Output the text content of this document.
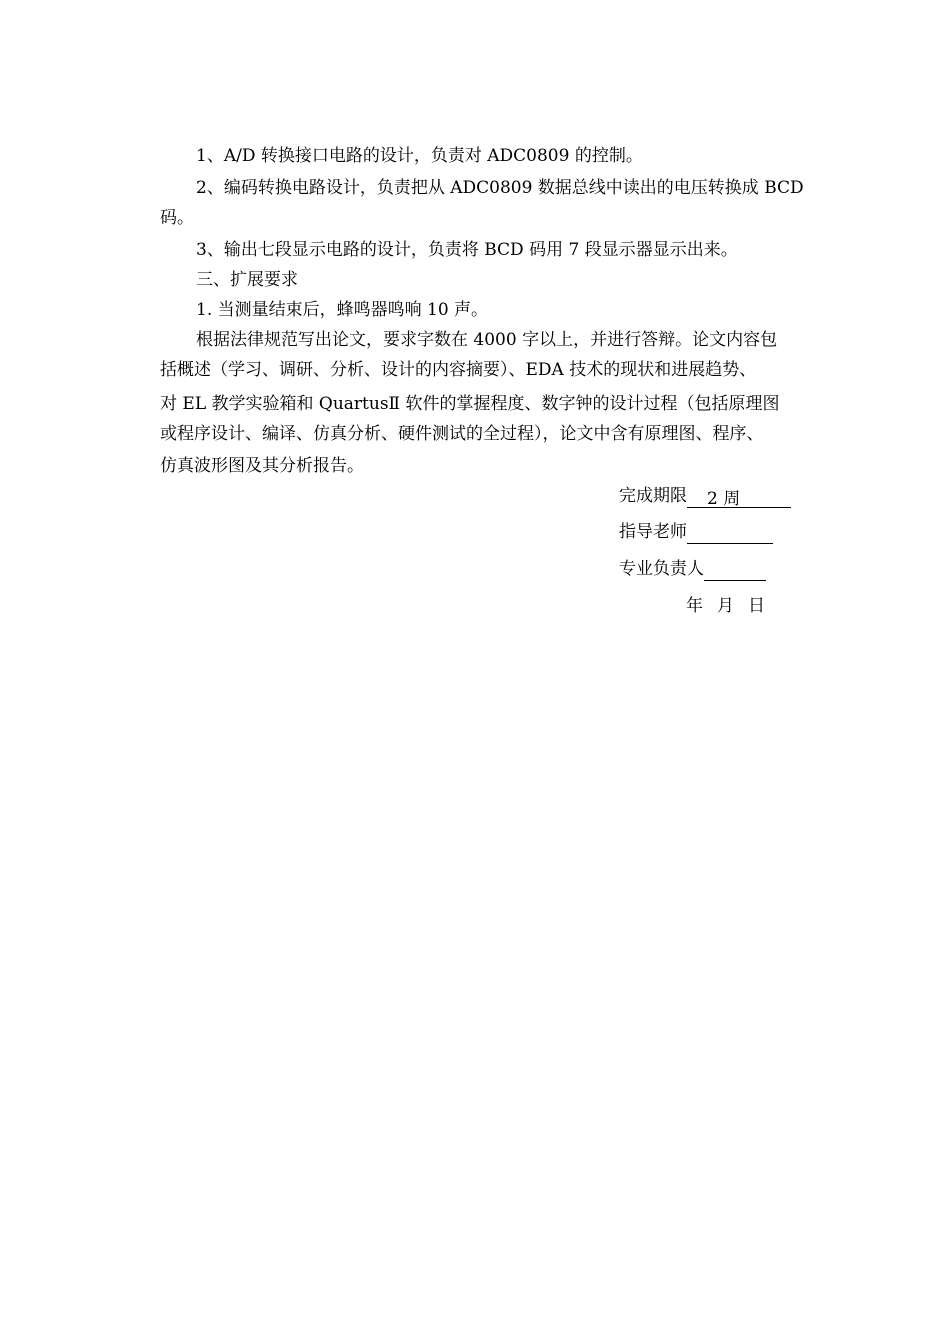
1、A/D 转换接口电路的设计，负责对 ADC0809 的控制。
2、编码转换电路设计，负责把从 ADC0809 数据总线中读出的电压转换成 BCD
码。
3、输出七段显示电路的设计，负责将 BCD 码用 7 段显示器显示出来。
三、扩展要求
1. 当测量结束后，蜂鸣器鸣响 10 声。
根据法律规范写出论文，要求字数在 4000 字以上，并进行答辩。论文内容包
括概述（学习、调研、分析、设计的内容摘要）、EDA 技术的现状和进展趋势、
对 EL 教学实验箱和 QuartusⅡ 软件的掌握程度、数字钟的设计过程（包括原理图
或程序设计、编译、仿真分析、硬件测试的全过程），论文中含有原理图、程序、
仿真波形图及其分析报告。
完成期限 2 周
指导老师
专业负责人
年 月 日
